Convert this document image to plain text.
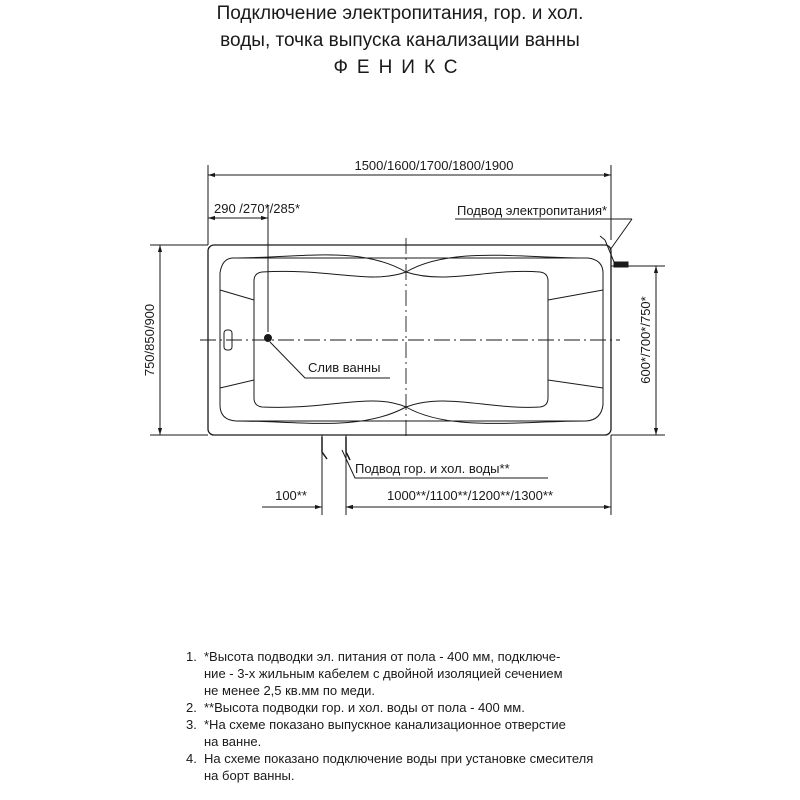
Подключение электропитания, гор. и хол.
воды, точка выпуска канализации ванны
ФЕНИКС
1500/1600/1700/1800/1900
290 /270*/285*
750/850/900	600*/700*/750*
100**	1000**/1100**/1200**/1300**
Подвод электропитания*
Слив ванны
Подвод гор. и хол. воды**
1. *Высота подводки эл. питания от пола - 400 мм, подключе-
ние - 3-х жильным кабелем с двойной изоляцией сечением
не менее 2,5 кв.мм по меди.
2. **Высота подводки гор. и хол. воды от пола - 400 мм.
3. *На схеме показано выпускное канализационное отверстие
на ванне.
4. На схеме показано подключение воды при установке смесителя
на борт ванны.
